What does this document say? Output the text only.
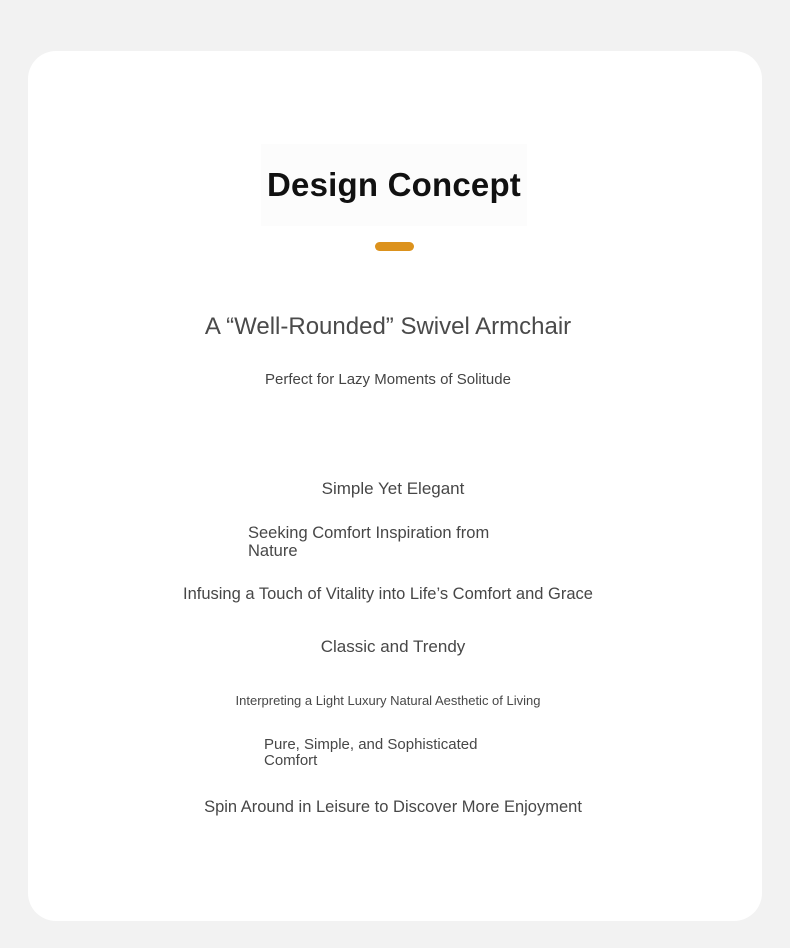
Design Concept
A “Well-Rounded” Swivel Armchair
Perfect for Lazy Moments of Solitude
Simple Yet Elegant
Seeking Comfort Inspiration from Nature
Infusing a Touch of Vitality into Life’s Comfort and Grace
Classic and Trendy
Interpreting a Light Luxury Natural Aesthetic of Living
Pure, Simple, and Sophisticated Comfort
Spin Around in Leisure to Discover More Enjoyment
